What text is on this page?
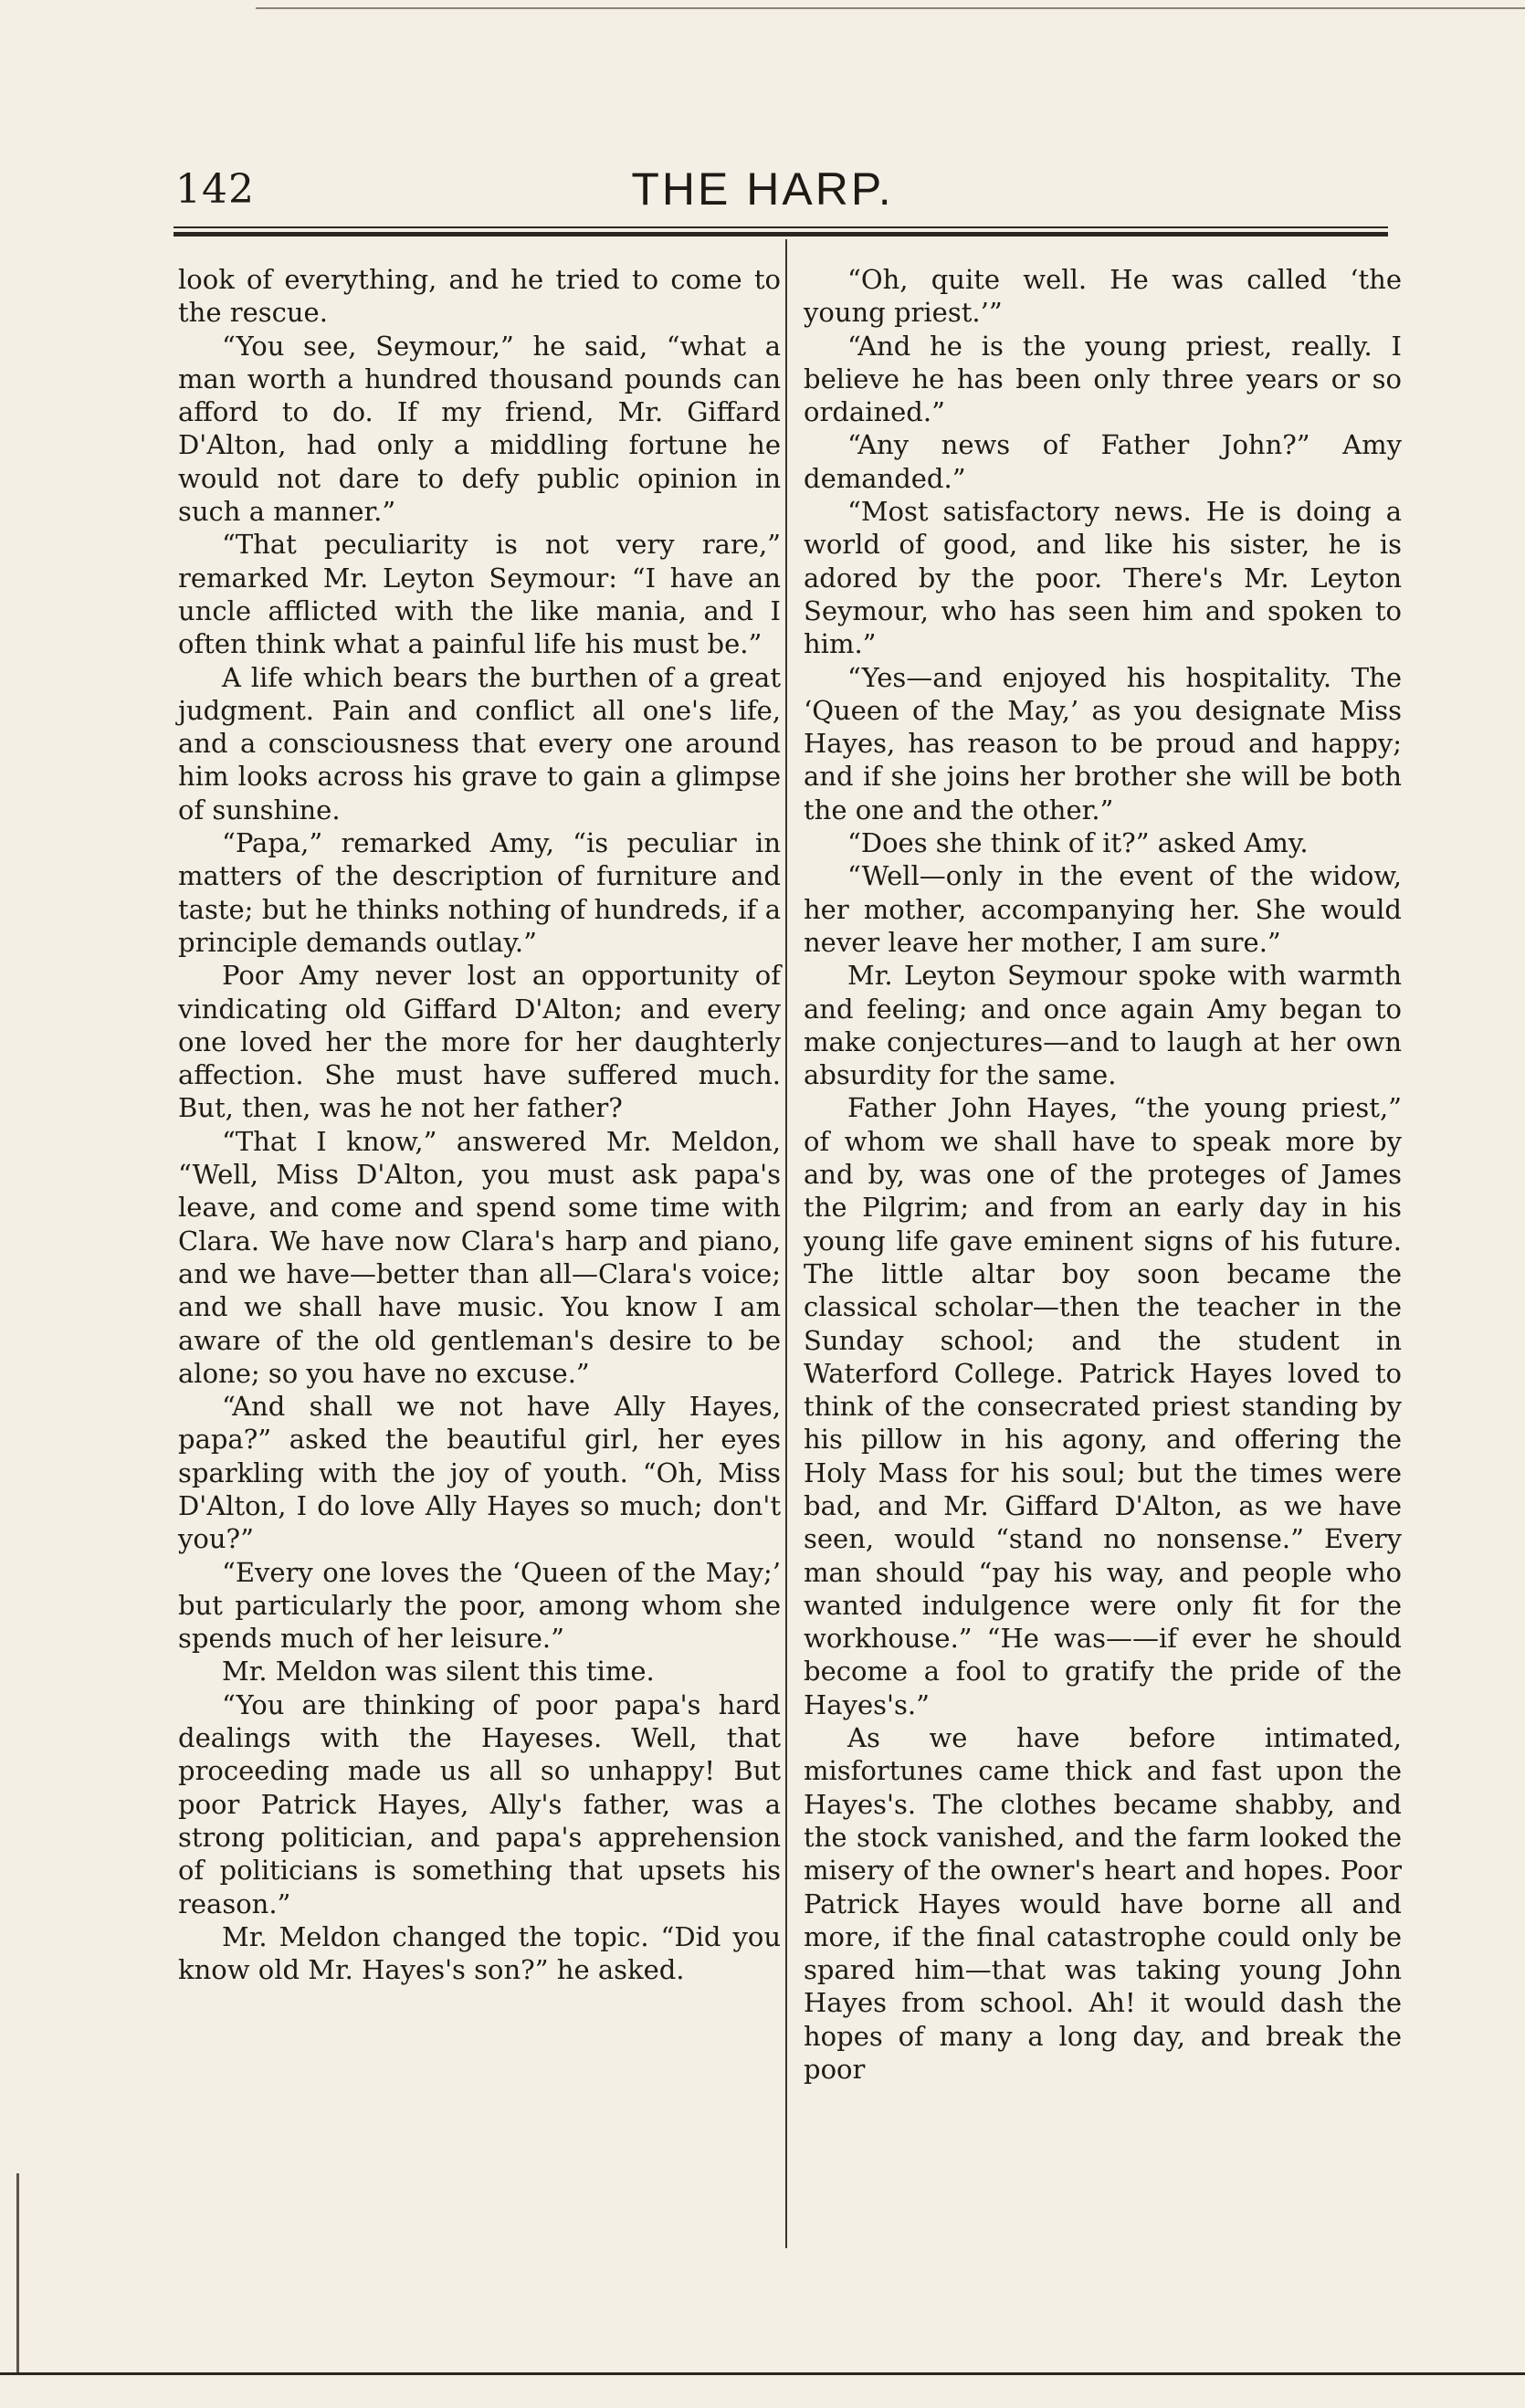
142	THE HARP.

look of everything, and he tried to come to the rescue.

“You see, Seymour,” he said, “what a man worth a hundred thousand pounds can afford to do. If my friend, Mr. Giffard D'Alton, had only a middling fortune he would not dare to defy public opinion in such a manner.”

“That peculiarity is not very rare,” remarked Mr. Leyton Seymour: “I have an uncle afflicted with the like mania, and I often think what a painful life his must be.”

A life which bears the burthen of a great judgment. Pain and conflict all one's life, and a consciousness that every one around him looks across his grave to gain a glimpse of sunshine.

“Papa,” remarked Amy, “is peculiar in matters of the description of furniture and taste; but he thinks nothing of hundreds, if a principle demands outlay.”

Poor Amy never lost an opportunity of vindicating old Giffard D'Alton; and every one loved her the more for her daughterly affection. She must have suffered much. But, then, was he not her father?

“That I know,” answered Mr. Meldon, “Well, Miss D'Alton, you must ask papa's leave, and come and spend some time with Clara. We have now Clara's harp and piano, and we have—better than all—Clara's voice; and we shall have music. You know I am aware of the old gentleman's desire to be alone; so you have no excuse.”

“And shall we not have Ally Hayes, papa?” asked the beautiful girl, her eyes sparkling with the joy of youth. “Oh, Miss D'Alton, I do love Ally Hayes so much; don't you?”

“Every one loves the ‘Queen of the May;’ but particularly the poor, among whom she spends much of her leisure.”

Mr. Meldon was silent this time.

“You are thinking of poor papa's hard dealings with the Hayeses. Well, that proceeding made us all so unhappy! But poor Patrick Hayes, Ally's father, was a strong politician, and papa's apprehension of politicians is something that upsets his reason.”

Mr. Meldon changed the topic. “Did you know old Mr. Hayes's son?” he asked.

“Oh, quite well. He was called ‘the young priest.’”

“And he is the young priest, really. I believe he has been only three years or so ordained.”

“Any news of Father John?” Amy demanded.”

“Most satisfactory news. He is doing a world of good, and like his sister, he is adored by the poor. There's Mr. Leyton Seymour, who has seen him and spoken to him.”

“Yes—and enjoyed his hospitality. The ‘Queen of the May,’ as you designate Miss Hayes, has reason to be proud and happy; and if she joins her brother she will be both the one and the other.”

“Does she think of it?” asked Amy.

“Well—only in the event of the widow, her mother, accompanying her. She would never leave her mother, I am sure.”

Mr. Leyton Seymour spoke with warmth and feeling; and once again Amy began to make conjectures—and to laugh at her own absurdity for the same.

Father John Hayes, “the young priest,” of whom we shall have to speak more by and by, was one of the proteges of James the Pilgrim; and from an early day in his young life gave eminent signs of his future. The little altar boy soon became the classical scholar—then the teacher in the Sunday school; and the student in Waterford College. Patrick Hayes loved to think of the consecrated priest standing by his pillow in his agony, and offering the Holy Mass for his soul; but the times were bad, and Mr. Giffard D'Alton, as we have seen, would “stand no nonsense.” Every man should “pay his way, and people who wanted indulgence were only fit for the workhouse.” “He was——if ever he should become a fool to gratify the pride of the Hayes's.”

As we have before intimated, misfortunes came thick and fast upon the Hayes's. The clothes became shabby, and the stock vanished, and the farm looked the misery of the owner's heart and hopes. Poor Patrick Hayes would have borne all and more, if the final catastrophe could only be spared him—that was taking young John Hayes from school. Ah! it would dash the hopes of many a long day, and break the poor
